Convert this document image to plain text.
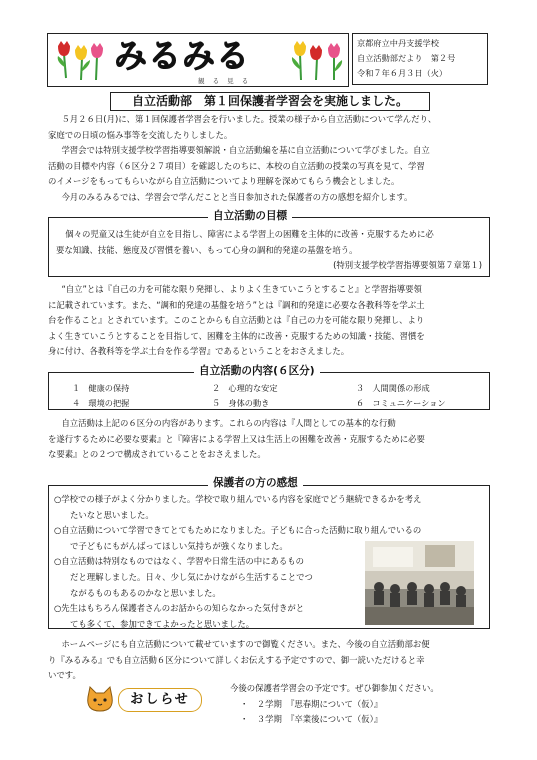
みるみる
観 る 見 る
京都府立中丹支援学校
自立活動部だより　第２号
令和７年６月３日（火）
自立活動部　第１回保護者学習会を実施しました。
５月２６日(月)に、第１回保護者学習会を行いました。授業の様子から自立活動について学んだり、
家庭での日頃の悩み事等を交流したりしました。
学習会では特別支援学校学習指導要領解説・自立活動編を基に自立活動について学びました。自立
活動の目標や内容（６区分２７項目）を確認したのちに、本校の自立活動の授業の写真を見て、学習
のイメージをもってもらいながら自立活動についてより理解を深めてもらう機会としました。
今月のみるみるでは、学習会で学んだことと当日参加された保護者の方の感想を紹介します。
自立活動の目標
個々の児童又は生徒が自立を目指し、障害による学習上の困難を主体的に改善・克服するために必
要な知識、技能、態度及び習慣を養い、もって心身の調和的発達の基盤を培う。
(特別支援学校学習指導要領第７章第１)
“自立”とは『自己の力を可能な限り発揮し、よりよく生きていこうとすること』と学習指導要領
に記載されています。また、“調和的発達の基盤を培う”とは『調和的発達に必要な各教科等を学ぶ土
台を作ること』とされています。このことからも自立活動とは『自己の力を可能な限り発揮し、より
よく生きていこうとすることを目指して、困難を主体的に改善・克服するための知識・技能、習慣を
身に付け、各教科等を学ぶ土台を作る学習』であるということをおさえました。
自立活動の内容(６区分)
１　健康の保持	２　心理的な安定	３　人間関係の形成
４　環境の把握	５　身体の動き	６　コミュニケーション
自立活動は上記の６区分の内容があります。これらの内容は『人間としての基本的な行動
を遂行するために必要な要素』と『障害による学習上又は生活上の困難を改善・克服するために必要
な要素』との２つで構成されていることをおさえました。
保護者の方の感想
○学校での様子がよく分かりました。学校で取り組んでいる内容を家庭でどう継続できるかを考え
たいなと思いました。
○自立活動について学習できてとてもためになりました。子どもに合った活動に取り組んでいるの
で子どもにもがんばってほしい気持ちが強くなりました。
○自立活動は特別なものではなく、学習や日常生活の中にあるもの
だと理解しました。日々、少し気にかけながら生活することでつ
ながるものもあるのかなと思いました。
○先生はもちろん保護者さんのお話からの知らなかった気付きがと
ても多くて、参加できてよかったと思いました。
ホームページにも自立活動について載せていますので御覧ください。また、今後の自立活動部お便
り『みるみる』でも自立活動６区分について詳しくお伝えする予定ですので、御一読いただけると幸
いです。
おしらせ
今後の保護者学習会の予定です。ぜひ御参加ください。
・　２学期　『思春期について（仮）』
・　３学期　『卒業後について（仮）』
